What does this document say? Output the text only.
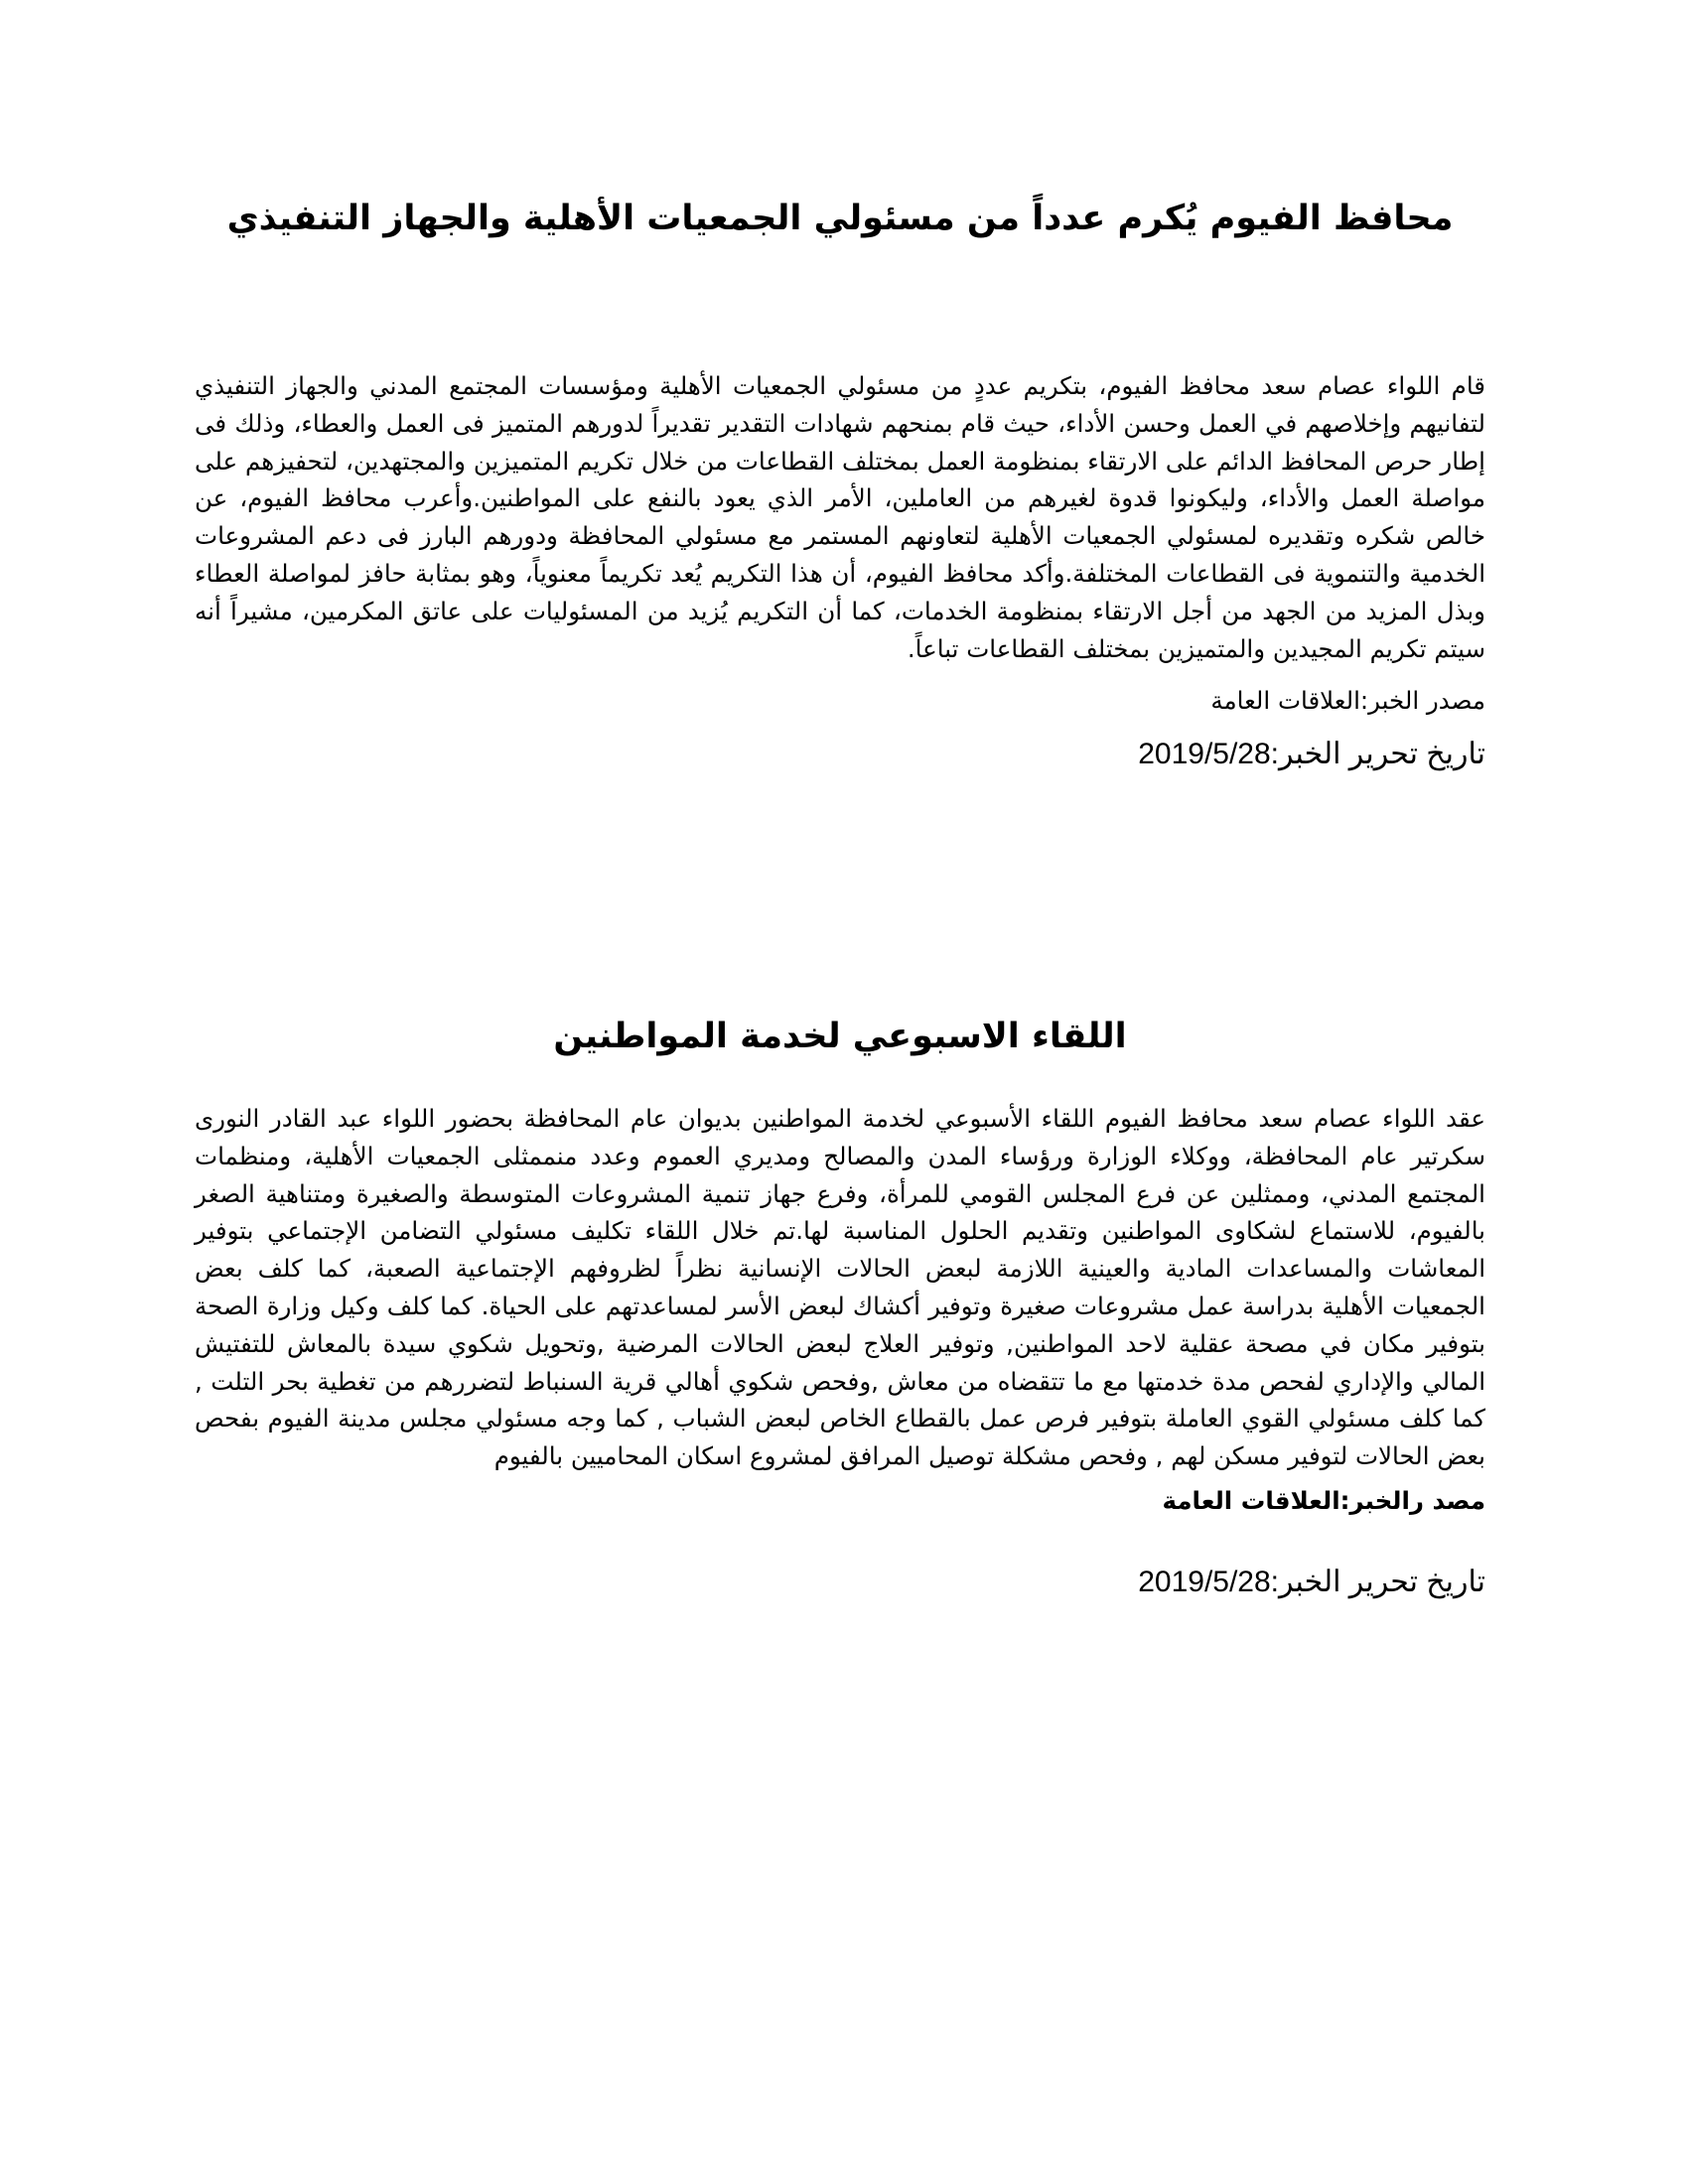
محافظ الفيوم يُكرم عدداً من مسئولي الجمعيات الأهلية والجهاز التنفيذي

قام اللواء عصام سعد محافظ الفيوم، بتكريم عددٍ من مسئولي الجمعيات الأهلية ومؤسسات المجتمع المدني والجهاز التنفيذي لتفانيهم وإخلاصهم في العمل وحسن الأداء، حيث قام بمنحهم شهادات التقدير تقديراً لدورهم المتميز فى العمل والعطاء، وذلك فى إطار حرص المحافظ الدائم على الارتقاء بمنظومة العمل بمختلف القطاعات من خلال تكريم المتميزين والمجتهدين، لتحفيزهم على مواصلة العمل والأداء، وليكونوا قدوة لغيرهم من العاملين، الأمر الذي يعود بالنفع على المواطنين.وأعرب محافظ الفيوم، عن خالص شكره وتقديره لمسئولي الجمعيات الأهلية لتعاونهم المستمر مع مسئولي المحافظة ودورهم البارز فى دعم المشروعات الخدمية والتنموية فى القطاعات المختلفة.وأكد محافظ الفيوم، أن هذا التكريم يُعد تكريماً معنوياً، وهو بمثابة حافز لمواصلة العطاء وبذل المزيد من الجهد من أجل الارتقاء بمنظومة الخدمات، كما أن التكريم يُزيد من المسئوليات على عاتق المكرمين، مشيراً أنه سيتم تكريم المجيدين والمتميزين بمختلف القطاعات تباعاً.

مصدر الخبر:العلاقات العامة

تاريخ تحرير الخبر:2019/5/28

اللقاء الاسبوعي لخدمة المواطنين

عقد اللواء عصام سعد محافظ الفيوم اللقاء الأسبوعي لخدمة المواطنين بديوان عام المحافظة بحضور اللواء عبد القادر النورى سكرتير عام المحافظة، ووكلاء الوزارة ورؤساء المدن والمصالح ومديري العموم وعدد منممثلى الجمعيات الأهلية، ومنظمات المجتمع المدني، وممثلين عن فرع المجلس القومي للمرأة، وفرع جهاز تنمية المشروعات المتوسطة والصغيرة ومتناهية الصغر بالفيوم، للاستماع لشكاوى المواطنين وتقديم الحلول المناسبة لها.تم خلال اللقاء تكليف مسئولي التضامن الإجتماعي بتوفير المعاشات والمساعدات المادية والعينية اللازمة لبعض الحالات الإنسانية نظراً لظروفهم الإجتماعية الصعبة، كما كلف بعض الجمعيات الأهلية بدراسة عمل مشروعات صغيرة وتوفير أكشاك لبعض الأسر لمساعدتهم على الحياة. كما كلف وكيل وزارة الصحة بتوفير مكان في مصحة عقلية لاحد المواطنين, وتوفير العلاج لبعض الحالات المرضية ,وتحويل شكوي سيدة بالمعاش للتفتيش المالي والإداري لفحص مدة خدمتها مع ما تتقضاه من معاش ,وفحص شكوي أهالي قرية السنباط لتضررهم من تغطية بحر التلت , كما كلف مسئولي القوي العاملة بتوفير فرص عمل بالقطاع الخاص لبعض الشباب , كما وجه مسئولي مجلس مدينة الفيوم بفحص بعض الحالات لتوفير مسكن لهم , وفحص مشكلة توصيل المرافق لمشروع اسكان المحاميين بالفيوم

مصد رالخبر:العلاقات العامة

تاريخ تحرير الخبر:2019/5/28
